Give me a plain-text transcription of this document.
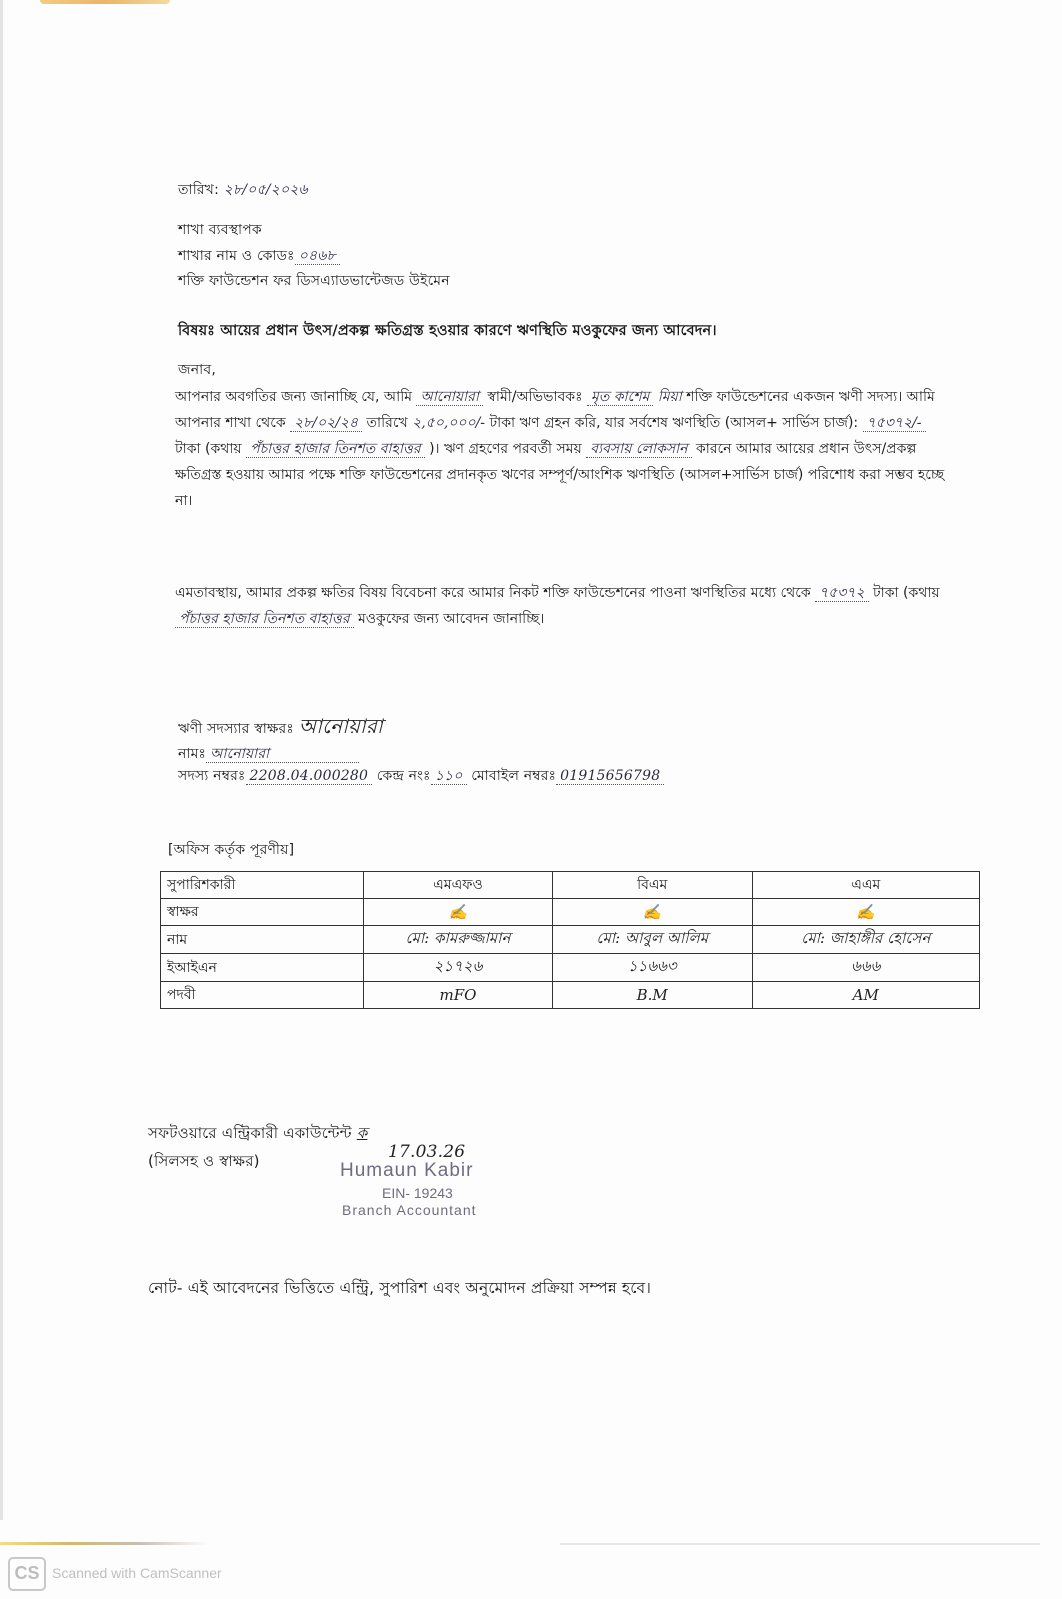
তারিখ: ২৮/০৫/২০২৬
শাখা ব্যবস্থাপক
শাখার নাম ও কোডঃ ০৪৬৮
শক্তি ফাউন্ডেশন ফর ডিসএ্যাডভান্টেজড উইমেন
বিষয়ঃ আয়ের প্রধান উৎস/প্রকল্প ক্ষতিগ্রস্ত হওয়ার কারণে ঋণস্থিতি মওকুফের জন্য আবেদন।
জনাব,
আপনার অবগতির জন্য জানাচ্ছি যে, আমি আনোয়ারা স্বামী/অভিভাবকঃ মৃত কাশেম মিয়া শক্তি ফাউন্ডেশনের একজন ঋণী সদস্য। আমি আপনার শাখা থেকে ২৮/০২/২৪ তারিখে ২,৫০,০০০/- টাকা ঋণ গ্রহন করি, যার সর্বশেষ ঋণস্থিতি (আসল+ সার্ভিস চার্জ): ৭৫৩৭২/- টাকা (কথায় পঁচাত্তর হাজার তিনশত বাহাত্তর )। ঋণ গ্রহণের পরবর্তী সময় ব্যবসায় লোকসান কারনে আমার আয়ের প্রধান উৎস/প্রকল্প ক্ষতিগ্রস্ত হওয়ায় আমার পক্ষে শক্তি ফাউন্ডেশনের প্রদানকৃত ঋণের সম্পূর্ণ/আংশিক ঋণস্থিতি (আসল+সার্ভিস চার্জ) পরিশোধ করা সম্ভব হচ্ছে না।
এমতাবস্থায়, আমার প্রকল্প ক্ষতির বিষয় বিবেচনা করে আমার নিকট শক্তি ফাউন্ডেশনের পাওনা ঋণস্থিতির মধ্যে থেকে ৭৫৩৭২ টাকা (কথায় পঁচাত্তর হাজার তিনশত বাহাত্তর মওকুফের জন্য আবেদন জানাচ্ছি।
ঋণী সদস্যার স্বাক্ষরঃ আনোয়ারা
নামঃ আনোয়ারা
সদস্য নম্বরঃ 2208.04.000280 কেন্দ্র নংঃ ১১০ মোবাইল নম্বরঃ 01915656798
[অফিস কর্তৃক পূরণীয়]
সুপারিশকারী	এমএফও	বিএম	এএম
স্বাক্ষর	✍	✍	✍
নাম	মো: কামরুজ্জামান	মো: আবুল আলিম	মো: জাহাঙ্গীর হোসেন
ইআইএন	২১৭২৬	১১৬৬৩	৬৬৬
পদবী	mFO	B.M	AM
সফটওয়ারে এন্ট্রিকারী একাউন্টেন্ট ক
(সিলসহ ও স্বাক্ষর)	17.03.26
Humaun Kabir
EIN- 19243
Branch Accountant
নোট- এই আবেদনের ভিত্তিতে এন্ট্রি, সুপারিশ এবং অনুমোদন প্রক্রিয়া সম্পন্ন হবে।
CS Scanned with CamScanner
